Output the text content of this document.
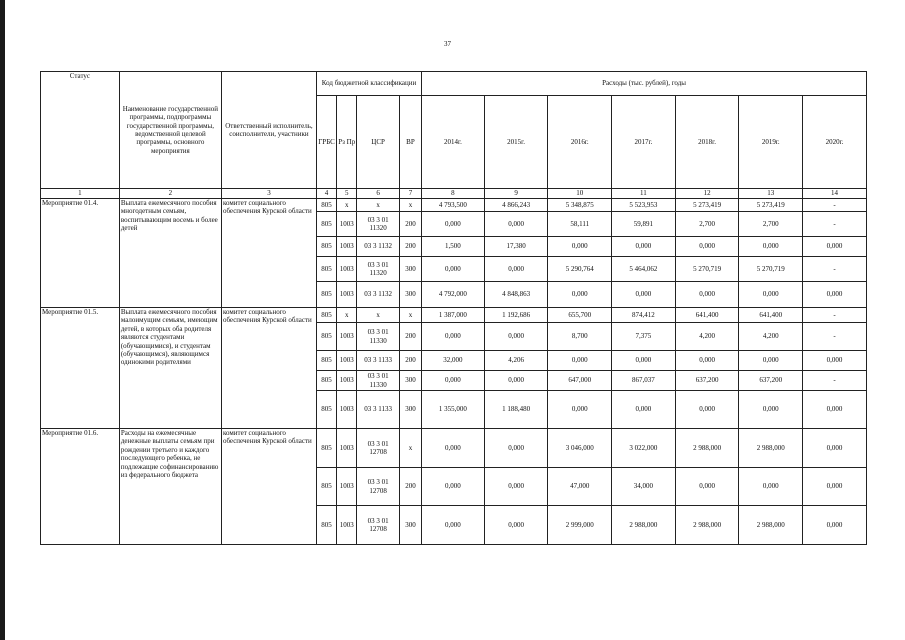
37
Статус	Наименование государственной программы, подпрограммы государственной программы, ведомственной целевой программы, основного мероприятия	Ответственный исполнитель, соисполнители, участники	Код бюджетной классификации				Расходы (тыс. рублей), годы						
			ГРБС	Рз Пр	ЦСР	ВР	2014г.	2015г.	2016г.	2017г.	2018г.	2019г.	2020г.
1	2	3	4	5	6	7	8	9	10	11	12	13	14
Мероприятие 01.4.	Выплата ежемесячного пособия многодетным семьям, воспитывающим восемь и более детей	комитет социального обеспечения Курской области	805	х	х	х	4 793,500	4 866,243	5 348,875	5 523,953	5 273,419	5 273,419	-
			805	1003	03 3 01 11320	200	0,000	0,000	58,111	59,891	2,700	2,700	-
			805	1003	03 3 1132	200	1,500	17,380	0,000	0,000	0,000	0,000	0,000
			805	1003	03 3 01 11320	300	0,000	0,000	5 290,764	5 464,062	5 270,719	5 270,719	-
			805	1003	03 3 1132	300	4 792,000	4 848,863	0,000	0,000	0,000	0,000	0,000
Мероприятие 01.5.	Выплата ежемесячного пособия малоимущим семьям, имеющим детей, в которых оба родителя являются студентами (обучающимися), и студентам (обучающимся), являющимся одинокими родителями	комитет социального обеспечения Курской области	805	х	х	х	1 387,000	1 192,686	655,700	874,412	641,400	641,400	-
			805	1003	03 3 01 11330	200	0,000	0,000	8,700	7,375	4,200	4,200	-
			805	1003	03 3 1133	200	32,000	4,206	0,000	0,000	0,000	0,000	0,000
			805	1003	03 3 01 11330	300	0,000	0,000	647,000	867,037	637,200	637,200	-
			805	1003	03 3 1133	300	1 355,000	1 188,480	0,000	0,000	0,000	0,000	0,000
Мероприятие 01.6.	Расходы на ежемесячные денежные выплаты семьям при рождении третьего и каждого последующего ребенка, не подлежащие софинансированию из федерального бюджета	комитет социального обеспечения Курской области	805	1003	03 3 01 12708	х	0,000	0,000	3 046,000	3 022,000	2 988,000	2 988,000	0,000
			805	1003	03 3 01 12708	200	0,000	0,000	47,000	34,000	0,000	0,000	0,000
			805	1003	03 3 01 12708	300	0,000	0,000	2 999,000	2 988,000	2 988,000	2 988,000	0,000
